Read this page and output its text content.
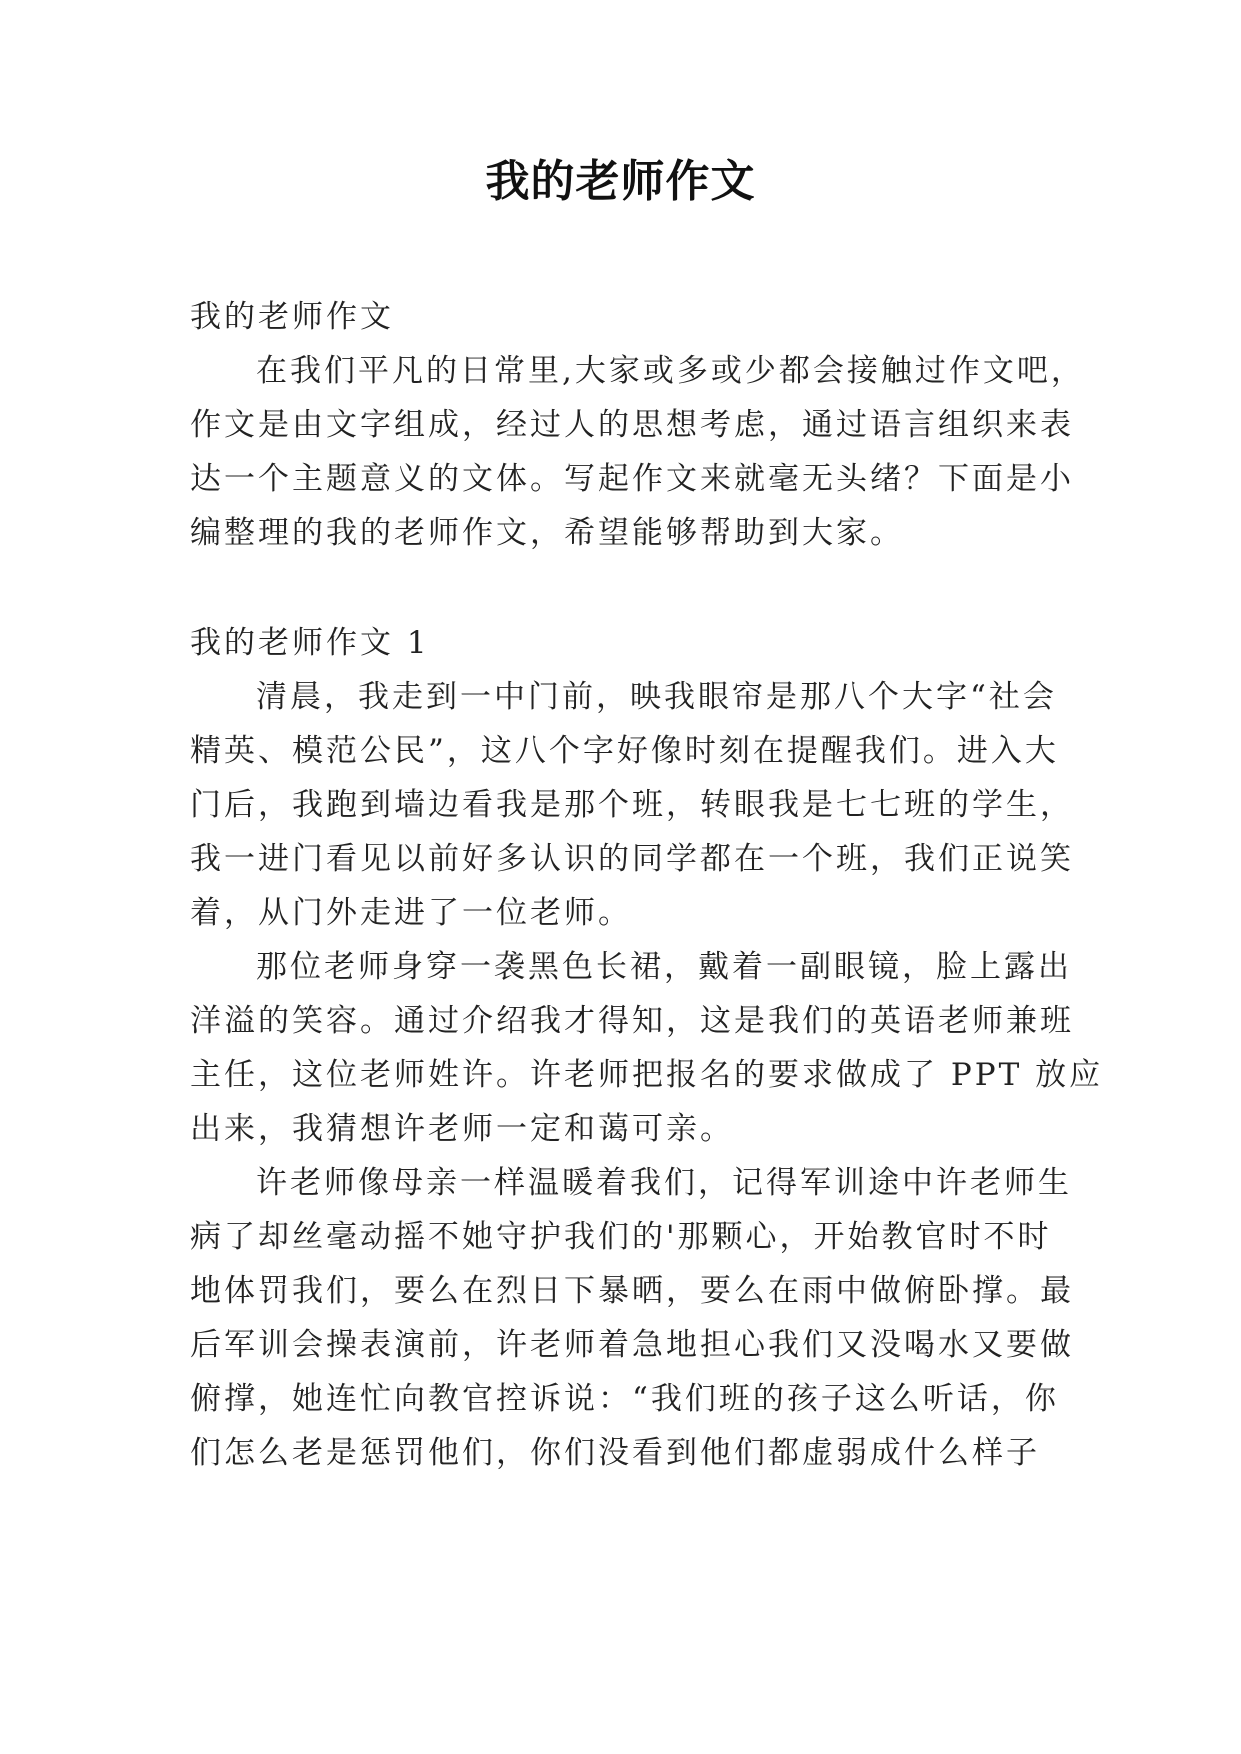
我的老师作文
我的老师作文
在我们平凡的日常里,大家或多或少都会接触过作文吧，
作文是由文字组成，经过人的思想考虑，通过语言组织来表
达一个主题意义的文体。写起作文来就毫无头绪？下面是小
编整理的我的老师作文，希望能够帮助到大家。
我的老师作文 1
清晨，我走到一中门前，映我眼帘是那八个大字“社会
精英、模范公民”，这八个字好像时刻在提醒我们。进入大
门后，我跑到墙边看我是那个班，转眼我是七七班的学生，
我一进门看见以前好多认识的同学都在一个班，我们正说笑
着，从门外走进了一位老师。
那位老师身穿一袭黑色长裙，戴着一副眼镜，脸上露出
洋溢的笑容。通过介绍我才得知，这是我们的英语老师兼班
主任，这位老师姓许。许老师把报名的要求做成了 PPT 放应
出来，我猜想许老师一定和蔼可亲。
许老师像母亲一样温暖着我们，记得军训途中许老师生
病了却丝毫动摇不她守护我们的'那颗心，开始教官时不时
地体罚我们，要么在烈日下暴晒，要么在雨中做俯卧撑。最
后军训会操表演前，许老师着急地担心我们又没喝水又要做
俯撑，她连忙向教官控诉说：“我们班的孩子这么听话，你
们怎么老是惩罚他们，你们没看到他们都虚弱成什么样子
